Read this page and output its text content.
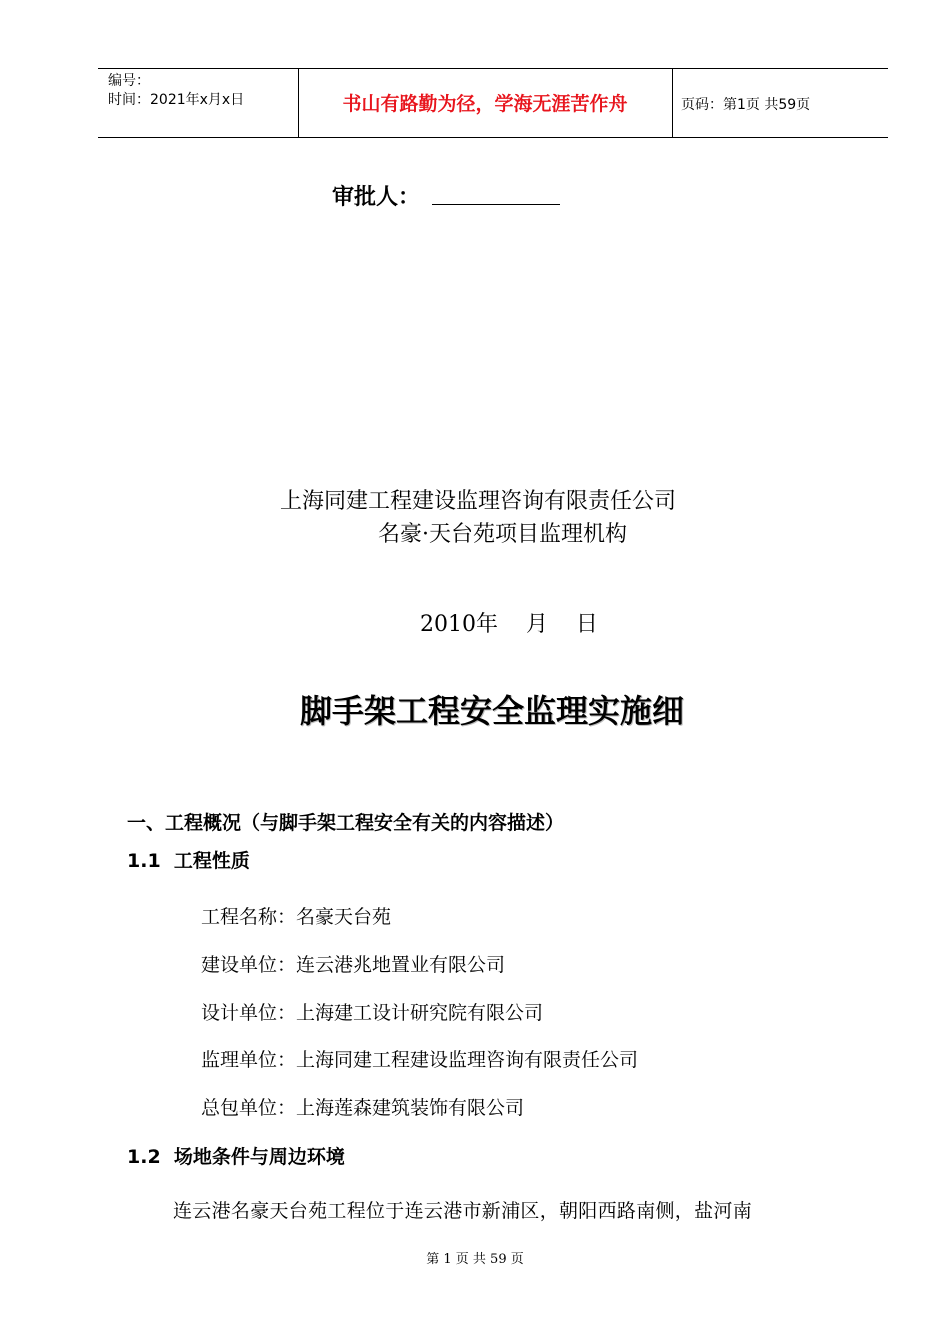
编号：
时间：2021年x月x日	书山有路勤为径，学海无涯苦作舟	页码：第1页 共59页
审批人：
上海同建工程建设监理咨询有限责任公司
名豪·天台苑项目监理机构
2010年    月    日
脚手架工程安全监理实施细
一、工程概况（与脚手架工程安全有关的内容描述）
1.1  工程性质
工程名称：名豪天台苑
建设单位：连云港兆地置业有限公司
设计单位：上海建工设计研究院有限公司
监理单位：上海同建工程建设监理咨询有限责任公司
总包单位：上海莲森建筑装饰有限公司
1.2  场地条件与周边环境
连云港名豪天台苑工程位于连云港市新浦区，朝阳西路南侧，盐河南
第 1 页 共 59 页
